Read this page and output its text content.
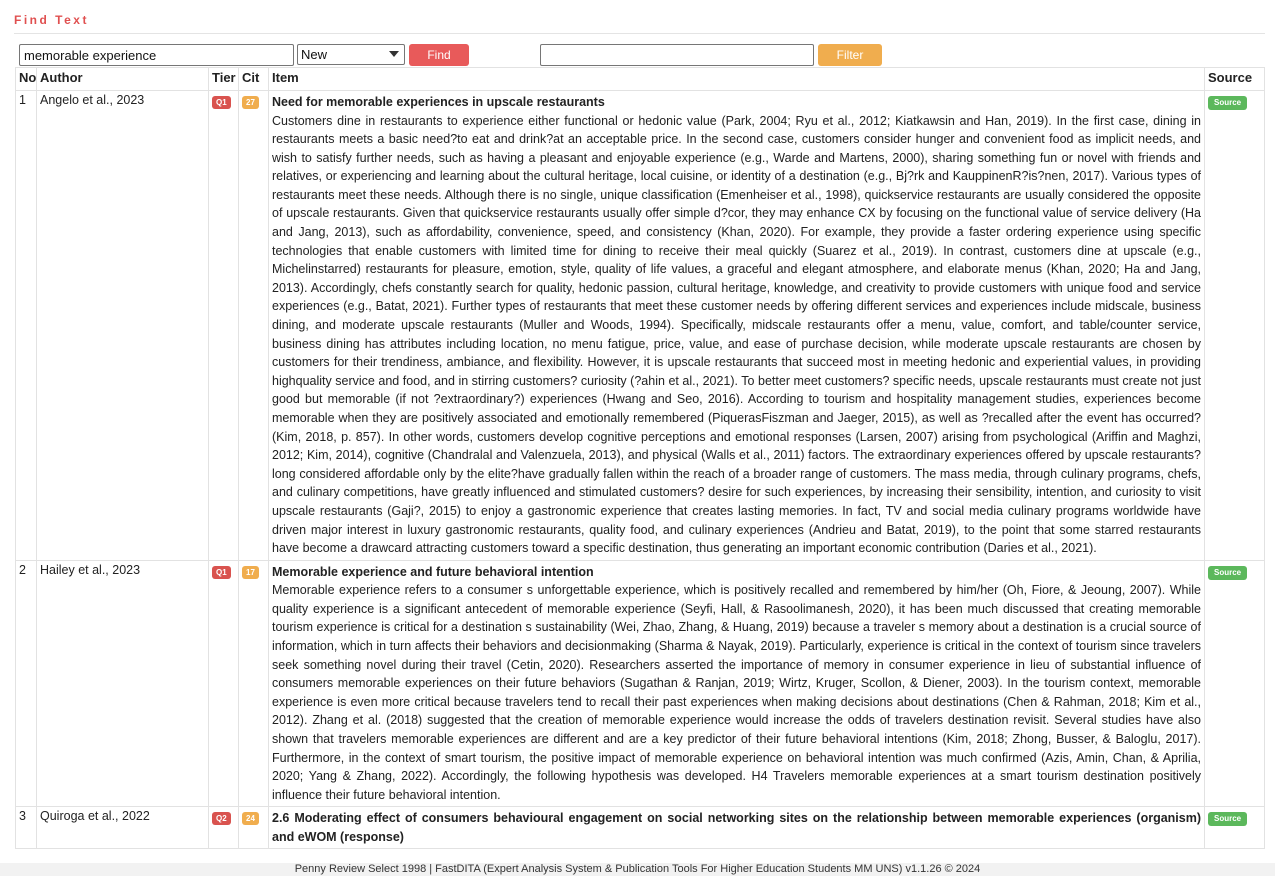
Find Text
memorable experience
New	Find Text
Filter Text
No	Author	Tier	Cit	Item	Source
1	Angelo et al., 2023	Q1	27	Need for memorable experiences in upscale restaurants
Customers dine in restaurants to experience either functional or hedonic value (Park, 2004; Ryu et al., 2012; Kiatkawsin and Han, 2019). In the first case, dining in restaurants meets a basic need?to eat and drink?at an acceptable price. In the second case, customers consider hunger and convenient food as implicit needs, and wish to satisfy further needs, such as having a pleasant and enjoyable experience (e.g., Warde and Martens, 2000), sharing something fun or novel with friends and relatives, or experiencing and learning about the cultural heritage, local cuisine, or identity of a destination (e.g., Bj?rk and KauppinenR?is?nen, 2017). Various types of restaurants meet these needs. Although there is no single, unique classification (Emenheiser et al., 1998), quickservice restaurants are usually considered the opposite of upscale restaurants. Given that quickservice restaurants usually offer simple d?cor, they may enhance CX by focusing on the functional value of service delivery (Ha and Jang, 2013), such as affordability, convenience, speed, and consistency (Khan, 2020). For example, they provide a faster ordering experience using specific technologies that enable customers with limited time for dining to receive their meal quickly (Suarez et al., 2019). In contrast, customers dine at upscale (e.g., Michelinstarred) restaurants for pleasure, emotion, style, quality of life values, a graceful and elegant atmosphere, and elaborate menus (Khan, 2020; Ha and Jang, 2013). Accordingly, chefs constantly search for quality, hedonic passion, cultural heritage, knowledge, and creativity to provide customers with unique food and service experiences (e.g., Batat, 2021). Further types of restaurants that meet these customer needs by offering different services and experiences include midscale, business dining, and moderate upscale restaurants (Muller and Woods, 1994). Specifically, midscale restaurants offer a menu, value, comfort, and table/counter service, business dining has attributes including location, no menu fatigue, price, value, and ease of purchase decision, while moderate upscale restaurants are chosen by customers for their trendiness, ambiance, and flexibility. However, it is upscale restaurants that succeed most in meeting hedonic and experiential values, in providing highquality service and food, and in stirring customers? curiosity (?ahin et al., 2021). To better meet customers? specific needs, upscale restaurants must create not just good but memorable (if not ?extraordinary?) experiences (Hwang and Seo, 2016). According to tourism and hospitality management studies, experiences become memorable when they are positively associated and emotionally remembered (PiquerasFiszman and Jaeger, 2015), as well as ?recalled after the event has occurred? (Kim, 2018, p. 857). In other words, customers develop cognitive perceptions and emotional responses (Larsen, 2007) arising from psychological (Ariffin and Maghzi, 2012; Kim, 2014), cognitive (Chandralal and Valenzuela, 2013), and physical (Walls et al., 2011) factors. The extraordinary experiences offered by upscale restaurants?long considered affordable only by the elite?have gradually fallen within the reach of a broader range of customers. The mass media, through culinary programs, chefs, and culinary competitions, have greatly influenced and stimulated customers? desire for such experiences, by increasing their sensibility, intention, and curiosity to visit upscale restaurants (Gaji?, 2015) to enjoy a gastronomic experience that creates lasting memories. In fact, TV and social media culinary programs worldwide have driven major interest in luxury gastronomic restaurants, quality food, and culinary experiences (Andrieu and Batat, 2019), to the point that some starred restaurants have become a drawcard attracting customers toward a specific destination, thus generating an important economic contribution (Daries et al., 2021).	Source
2	Hailey et al., 2023	Q1	17	Memorable experience and future behavioral intention
Memorable experience refers to a consumer s unforgettable experience, which is positively recalled and remembered by him/her (Oh, Fiore, & Jeoung, 2007). While quality experience is a significant antecedent of memorable experience (Seyfi, Hall, & Rasoolimanesh, 2020), it has been much discussed that creating memorable tourism experience is critical for a destination s sustainability (Wei, Zhao, Zhang, & Huang, 2019) because a traveler s memory about a destination is a crucial source of information, which in turn affects their behaviors and decisionmaking (Sharma & Nayak, 2019). Particularly, experience is critical in the context of tourism since travelers seek something novel during their travel (Cetin, 2020). Researchers asserted the importance of memory in consumer experience in lieu of substantial influence of consumers memorable experiences on their future behaviors (Sugathan & Ranjan, 2019; Wirtz, Kruger, Scollon, & Diener, 2003). In the tourism context, memorable experience is even more critical because travelers tend to recall their past experiences when making decisions about destinations (Chen & Rahman, 2018; Kim et al., 2012). Zhang et al. (2018) suggested that the creation of memorable experience would increase the odds of travelers destination revisit. Several studies have also shown that travelers memorable experiences are different and are a key predictor of their future behavioral intentions (Kim, 2018; Zhong, Busser, & Baloglu, 2017). Furthermore, in the context of smart tourism, the positive impact of memorable experience on behavioral intention was much confirmed (Azis, Amin, Chan, & Aprilia, 2020; Yang & Zhang, 2022). Accordingly, the following hypothesis was developed. H4 Travelers memorable experiences at a smart tourism destination positively influence their future behavioral intention.	Source
3	Quiroga et al., 2022	Q2	24	2.6 Moderating effect of consumers behavioural engagement on social networking sites on the relationship between memorable experiences (organism) and eWOM (response)	Source
Penny Review Select 1998 | FastDITA (Expert Analysis System & Publication Tools For Higher Education Students MM UNS) v1.1.26 © 2024
